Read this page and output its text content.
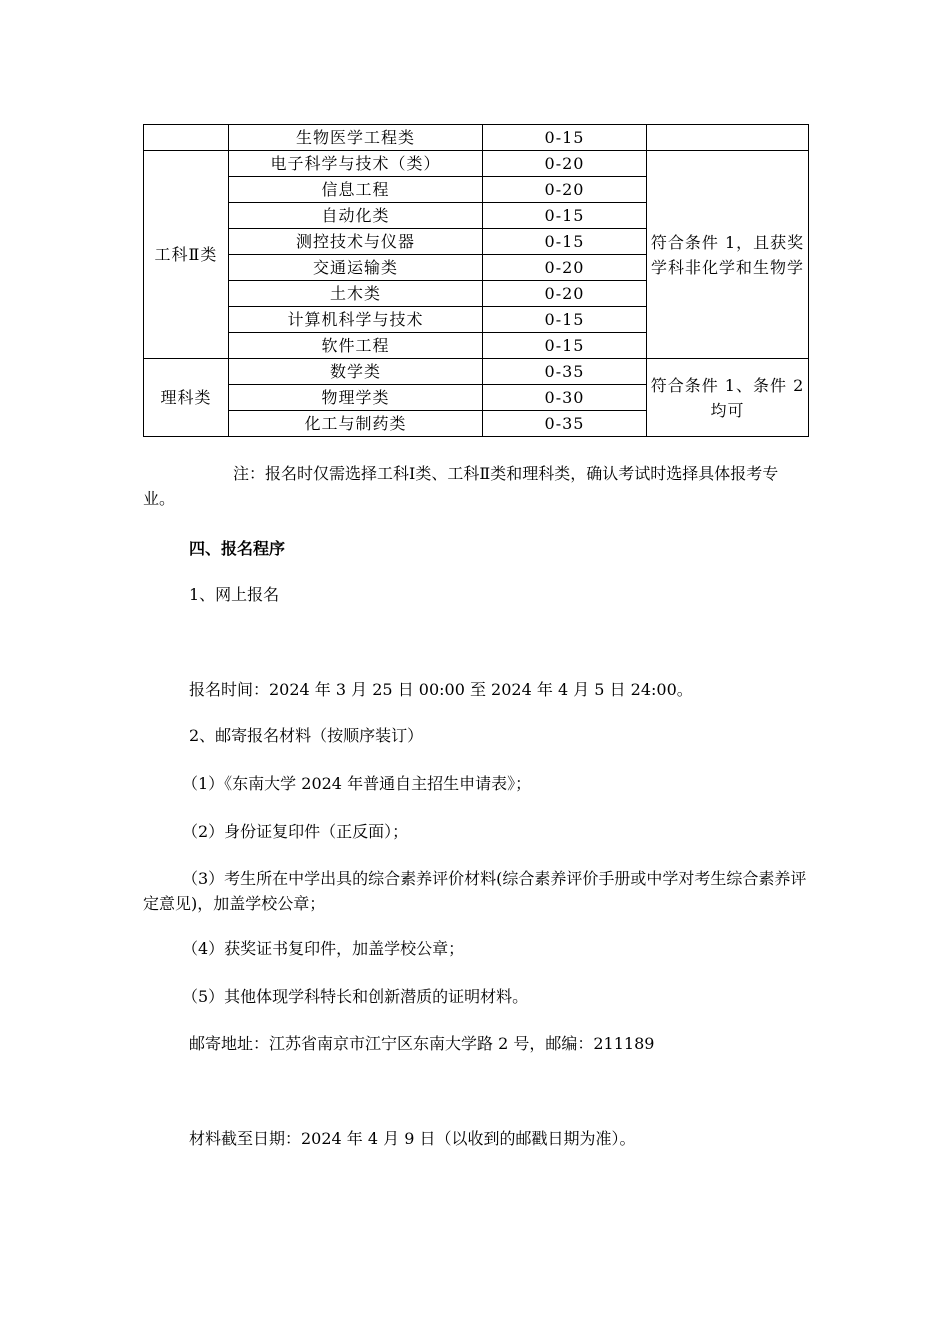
	生物医学工程类	0-15	
工科Ⅱ类	电子科学与技术（类）	0-20	符合条件 1，且获奖学科非化学和生物学
	信息工程	0-20	
	自动化类	0-15	
	测控技术与仪器	0-15	
	交通运输类	0-20	
	土木类	0-20	
	计算机科学与技术	0-15	
	软件工程	0-15	
理科类	数学类	0-35	符合条件 1、条件 2 均可
	物理学类	0-30	
	化工与制药类	0-35	
注：报名时仅需选择工科Ⅰ类、工科Ⅱ类和理科类，确认考试时选择具体报考专业。
四、报名程序
1、网上报名
报名时间：2024 年 3 月 25 日 00:00 至 2024 年 4 月 5 日 24:00。
2、邮寄报名材料（按顺序装订）
（1）《东南大学 2024 年普通自主招生申请表》；
（2）身份证复印件（正反面）；
（3）考生所在中学出具的综合素养评价材料(综合素养评价手册或中学对考生综合素养评定意见)，加盖学校公章；
（4）获奖证书复印件，加盖学校公章；
（5）其他体现学科特长和创新潜质的证明材料。
邮寄地址：江苏省南京市江宁区东南大学路 2 号，邮编：211189
材料截至日期：2024 年 4 月 9 日（以收到的邮戳日期为准）。
